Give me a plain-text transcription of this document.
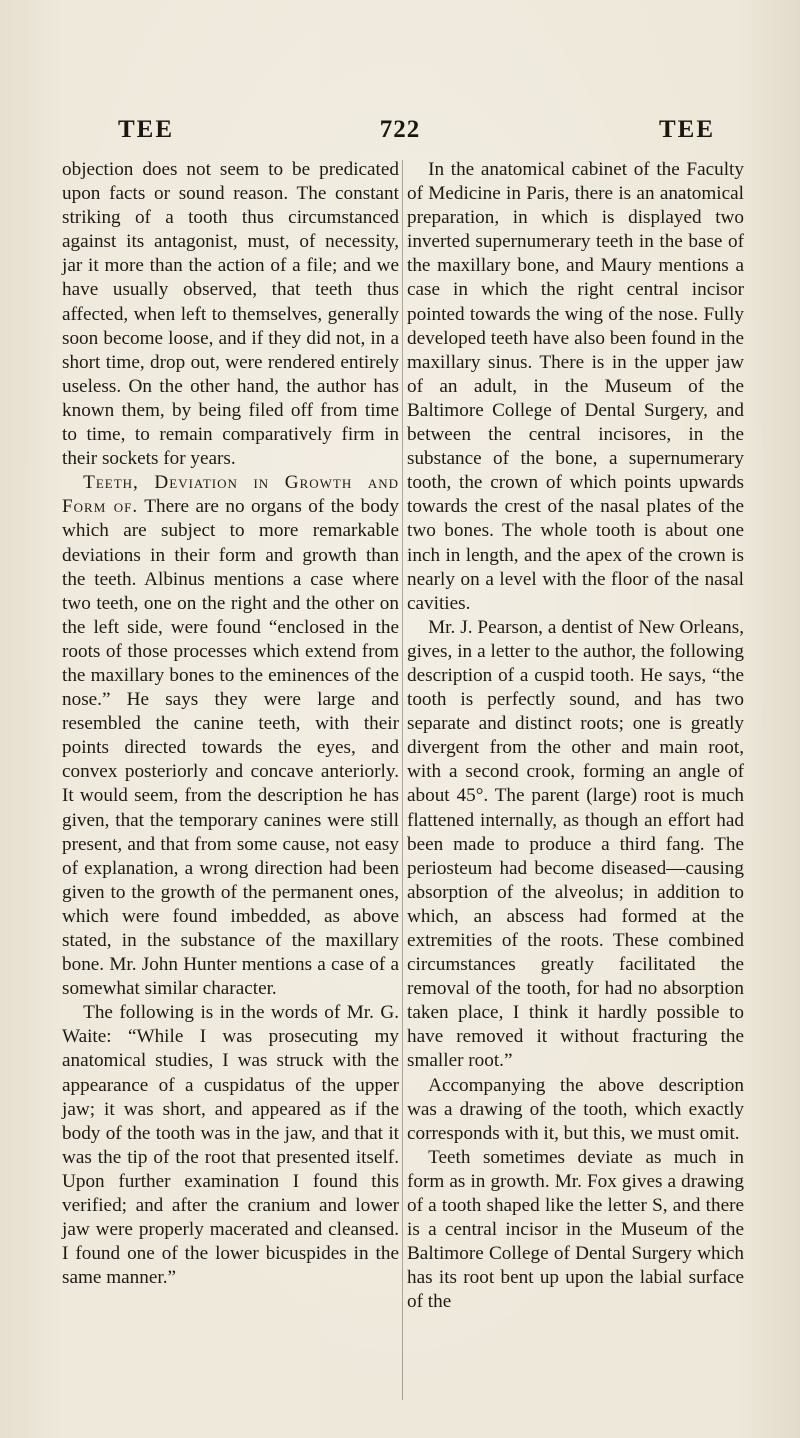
TEE	722	TEE

objection does not seem to be predicated upon facts or sound reason. The constant striking of a tooth thus circumstanced against its antagonist, must, of necessity, jar it more than the action of a file; and we have usually observed, that teeth thus affected, when left to themselves, generally soon become loose, and if they did not, in a short time, drop out, were rendered entirely useless. On the other hand, the author has known them, by being filed off from time to time, to remain comparatively firm in their sockets for years.

Teeth, Deviation in Growth and Form of. There are no organs of the body which are subject to more remarkable deviations in their form and growth than the teeth. Albinus mentions a case where two teeth, one on the right and the other on the left side, were found “enclosed in the roots of those processes which extend from the maxillary bones to the eminences of the nose.” He says they were large and resembled the canine teeth, with their points directed towards the eyes, and convex posteriorly and concave anteriorly. It would seem, from the description he has given, that the temporary canines were still present, and that from some cause, not easy of explanation, a wrong direction had been given to the growth of the permanent ones, which were found imbedded, as above stated, in the substance of the maxillary bone. Mr. John Hunter mentions a case of a somewhat similar character.

The following is in the words of Mr. G. Waite: “While I was prosecuting my anatomical studies, I was struck with the appearance of a cuspidatus of the upper jaw; it was short, and appeared as if the body of the tooth was in the jaw, and that it was the tip of the root that presented itself. Upon further examination I found this verified; and after the cranium and lower jaw were properly macerated and cleansed. I found one of the lower bicuspides in the same manner.”

In the anatomical cabinet of the Faculty of Medicine in Paris, there is an anatomical preparation, in which is displayed two inverted supernumerary teeth in the base of the maxillary bone, and Maury mentions a case in which the right central incisor pointed towards the wing of the nose. Fully developed teeth have also been found in the maxillary sinus. There is in the upper jaw of an adult, in the Museum of the Baltimore College of Dental Surgery, and between the central incisores, in the substance of the bone, a supernumerary tooth, the crown of which points upwards towards the crest of the nasal plates of the two bones. The whole tooth is about one inch in length, and the apex of the crown is nearly on a level with the floor of the nasal cavities.

Mr. J. Pearson, a dentist of New Orleans, gives, in a letter to the author, the following description of a cuspid tooth. He says, “the tooth is perfectly sound, and has two separate and distinct roots; one is greatly divergent from the other and main root, with a second crook, forming an angle of about 45°. The parent (large) root is much flattened internally, as though an effort had been made to produce a third fang. The periosteum had become diseased—causing absorption of the alveolus; in addition to which, an abscess had formed at the extremities of the roots. These combined circumstances greatly facilitated the removal of the tooth, for had no absorption taken place, I think it hardly possible to have removed it without fracturing the smaller root.”

Accompanying the above description was a drawing of the tooth, which exactly corresponds with it, but this, we must omit.

Teeth sometimes deviate as much in form as in growth. Mr. Fox gives a drawing of a tooth shaped like the letter S, and there is a central incisor in the Museum of the Baltimore College of Dental Surgery which has its root bent up upon the labial surface of the
